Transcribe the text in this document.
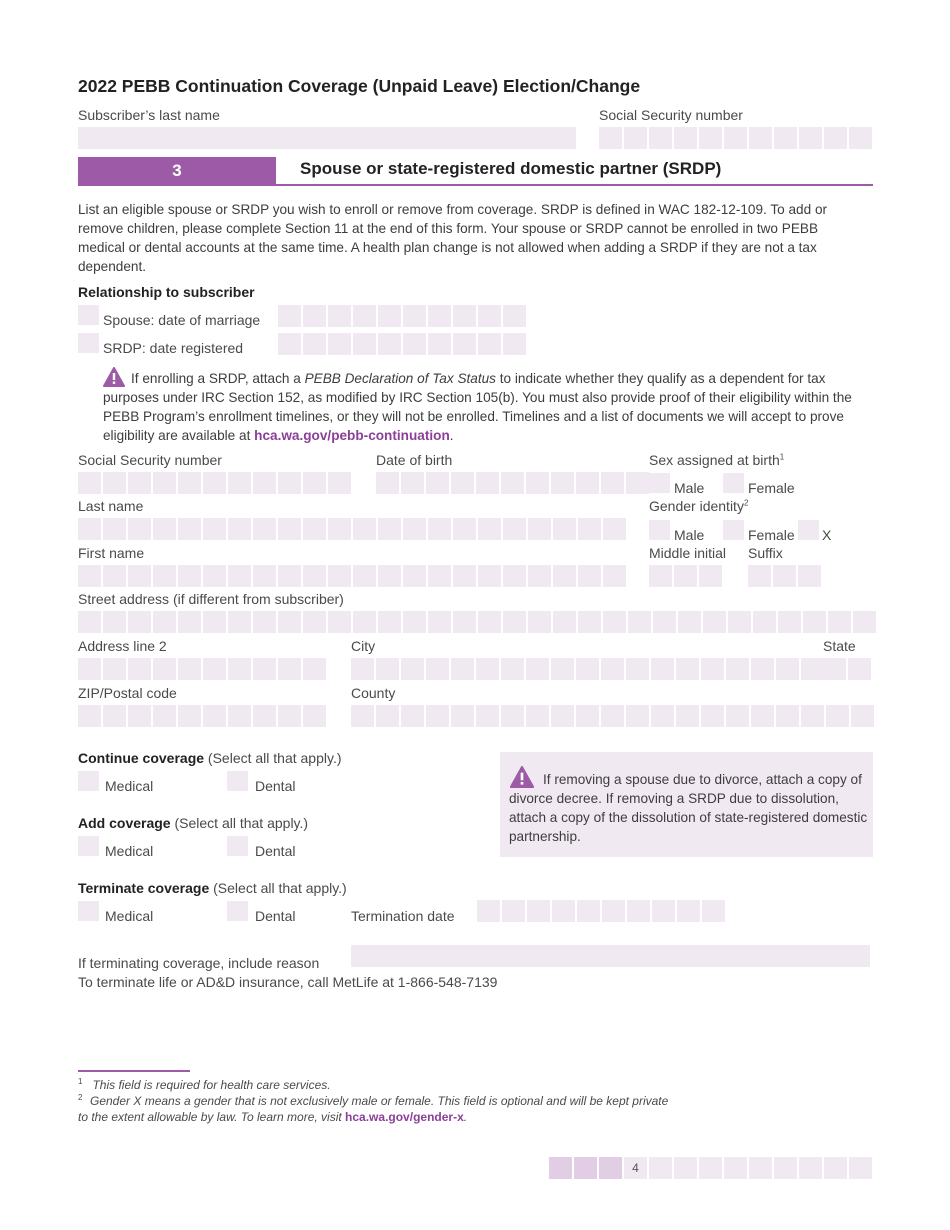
2022 PEBB Continuation Coverage (Unpaid Leave) Election/Change
Subscriber’s last name	Social Security number
3	Spouse or state-registered domestic partner (SRDP)
List an eligible spouse or SRDP you wish to enroll or remove from coverage. SRDP is defined in WAC 182-12-109. To add or remove children, please complete Section 11 at the end of this form. Your spouse or SRDP cannot be enrolled in two PEBB medical or dental accounts at the same time. A health plan change is not allowed when adding a SRDP if they are not a tax dependent.
Relationship to subscriber
Spouse: date of marriage
SRDP: date registered
If enrolling a SRDP, attach a PEBB Declaration of Tax Status to indicate whether they qualify as a dependent for tax purposes under IRC Section 152, as modified by IRC Section 105(b). You must also provide proof of their eligibility within the PEBB Program’s enrollment timelines, or they will not be enrolled. Timelines and a list of documents we will accept to prove eligibility are available at hca.wa.gov/pebb-continuation.
Social Security number	Date of birth	Sex assigned at birth$^1$
Male	Female
Gender identity$^2$
Male	Female X
Last name
First name	Middle initial Suffix
Street address (if different from subscriber)
Address line 2	City	State
ZIP/Postal code	County
Continue coverage (Select all that apply.)
Medical	Dental
Add coverage (Select all that apply.)
Medical	Dental
If removing a spouse due to divorce, attach a copy of divorce decree. If removing a SRDP due to dissolution, attach a copy of the dissolution of state-registered domestic partnership.
Terminate coverage (Select all that apply.)
Medical	Dental	Termination date
If terminating coverage, include reason
To terminate life or AD&D insurance, call MetLife at 1-866-548-7139
$^1$ This field is required for health care services.
$^2$ Gender X means a gender that is not exclusively male or female. This field is optional and will be kept private to the extent allowable by law. To learn more, visit hca.wa.gov/gender-x.
4
